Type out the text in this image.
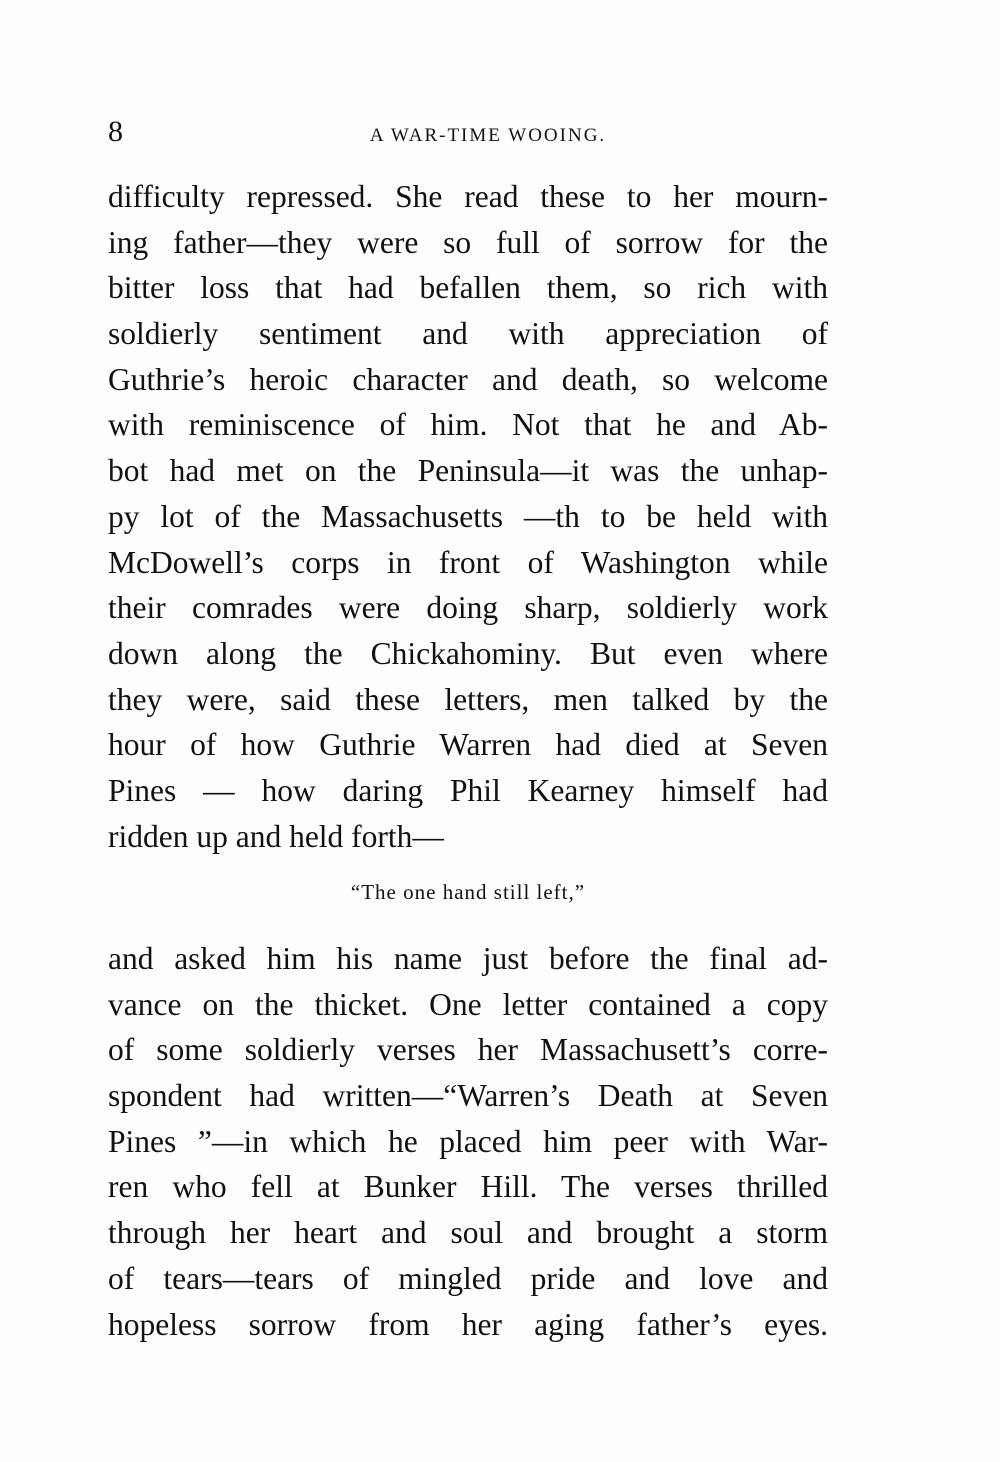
8	A WAR-TIME WOOING.
difficulty repressed. She read these to her mourn-
ing father—they were so full of sorrow for the
bitter loss that had befallen them, so rich with
soldierly sentiment and with appreciation of
Guthrie’s heroic character and death, so welcome
with reminiscence of him. Not that he and Ab-
bot had met on the Peninsula—it was the unhap-
py lot of the Massachusetts —th to be held with
McDowell’s corps in front of Washington while
their comrades were doing sharp, soldierly work
down along the Chickahominy. But even where
they were, said these letters, men talked by the
hour of how Guthrie Warren had died at Seven
Pines — how daring Phil Kearney himself had
ridden up and held forth—
“The one hand still left,”
and asked him his name just before the final ad-
vance on the thicket. One letter contained a copy
of some soldierly verses her Massachusett’s corre-
spondent had written—“Warren’s Death at Seven
Pines ”—in which he placed him peer with War-
ren who fell at Bunker Hill. The verses thrilled
through her heart and soul and brought a storm
of tears—tears of mingled pride and love and
hopeless sorrow from her aging father’s eyes.
